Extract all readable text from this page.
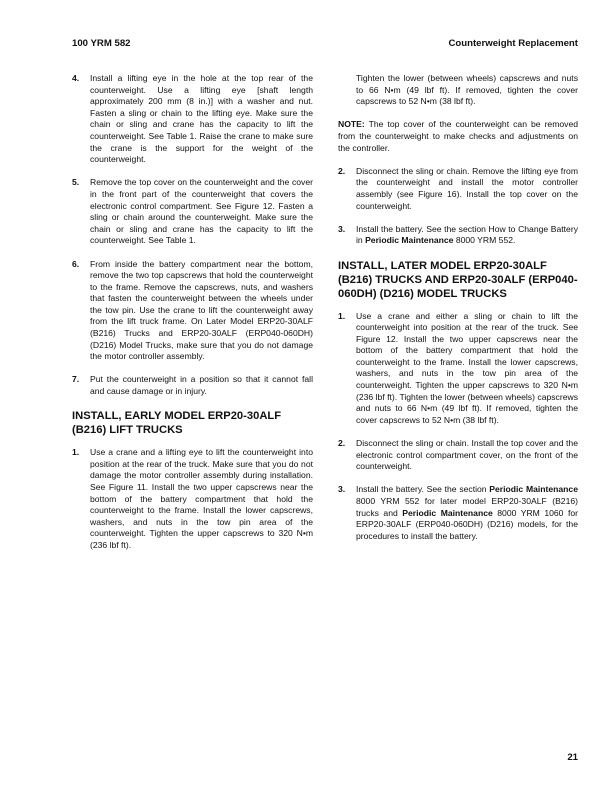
100 YRM 582	Counterweight Replacement
4. Install a lifting eye in the hole at the top rear of the counterweight. Use a lifting eye [shaft length approximately 200 mm (8 in.)] with a washer and nut. Fasten a sling or chain to the lifting eye. Make sure the chain or sling and crane has the capacity to lift the counterweight. See Table 1. Raise the crane to make sure the crane is the support for the weight of the counterweight.
5. Remove the top cover on the counterweight and the cover in the front part of the counterweight that covers the electronic control compartment. See Figure 12. Fasten a sling or chain around the counterweight. Make sure the chain or sling and crane has the capacity to lift the counterweight. See Table 1.
6. From inside the battery compartment near the bottom, remove the two top capscrews that hold the counterweight to the frame. Remove the capscrews, nuts, and washers that fasten the counterweight between the wheels under the tow pin. Use the crane to lift the counterweight away from the lift truck frame. On Later Model ERP20-30ALF (B216) Trucks and ERP20-30ALF (ERP040-060DH) (D216) Model Trucks, make sure that you do not damage the motor controller assembly.
7. Put the counterweight in a position so that it cannot fall and cause damage or in injury.
INSTALL, EARLY MODEL ERP20-30ALF (B216) LIFT TRUCKS
1. Use a crane and a lifting eye to lift the counterweight into position at the rear of the truck. Make sure that you do not damage the motor controller assembly during installation. See Figure 11. Install the two upper capscrews near the bottom of the battery compartment that hold the counterweight to the frame. Install the lower capscrews, washers, and nuts in the tow pin area of the counterweight. Tighten the upper capscrews to 320 N•m (236 lbf ft).
Tighten the lower (between wheels) capscrews and nuts to 66 N•m (49 lbf ft). If removed, tighten the cover capscrews to 52 N•m (38 lbf ft).
NOTE: The top cover of the counterweight can be removed from the counterweight to make checks and adjustments on the controller.
2. Disconnect the sling or chain. Remove the lifting eye from the counterweight and install the motor controller assembly (see Figure 16). Install the top cover on the counterweight.
3. Install the battery. See the section How to Change Battery in Periodic Maintenance 8000 YRM 552.
INSTALL, LATER MODEL ERP20-30ALF (B216) TRUCKS AND ERP20-30ALF (ERP040-060DH) (D216) MODEL TRUCKS
1. Use a crane and either a sling or chain to lift the counterweight into position at the rear of the truck. See Figure 12. Install the two upper capscrews near the bottom of the battery compartment that hold the counterweight to the frame. Install the lower capscrews, washers, and nuts in the tow pin area of the counterweight. Tighten the upper capscrews to 320 N•m (236 lbf ft). Tighten the lower (between wheels) capscrews and nuts to 66 N•m (49 lbf ft). If removed, tighten the cover capscrews to 52 N•m (38 lbf ft).
2. Disconnect the sling or chain. Install the top cover and the electronic control compartment cover, on the front of the counterweight.
3. Install the battery. See the section Periodic Maintenance 8000 YRM 552 for later model ERP20-30ALF (B216) trucks and Periodic Maintenance 8000 YRM 1060 for ERP20-30ALF (ERP040-060DH) (D216) models, for the procedures to install the battery.
21
